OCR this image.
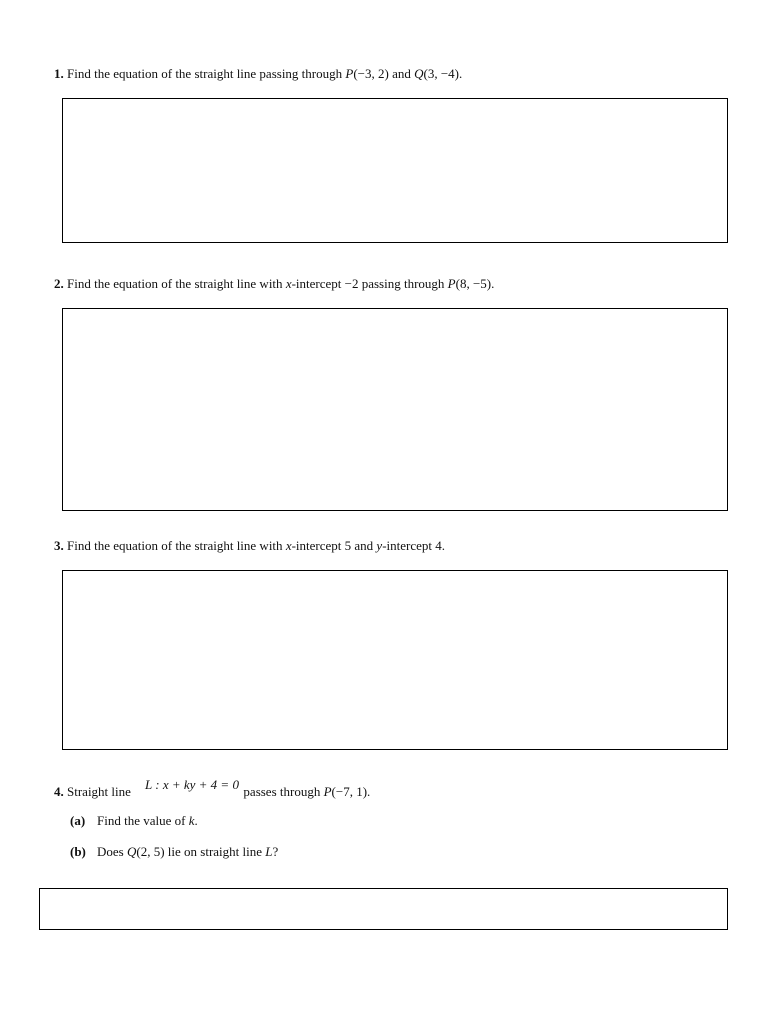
1. Find the equation of the straight line passing through P(−3, 2) and Q(3, −4).
2. Find the equation of the straight line with x-intercept −2 passing through P(8, −5).
3. Find the equation of the straight line with x-intercept 5 and y-intercept 4.
4. Straight line	passes through P(−7, 1).
L : x + ky + 4 = 0
(a) Find the value of k.
(b) Does Q(2, 5) lie on straight line L?
